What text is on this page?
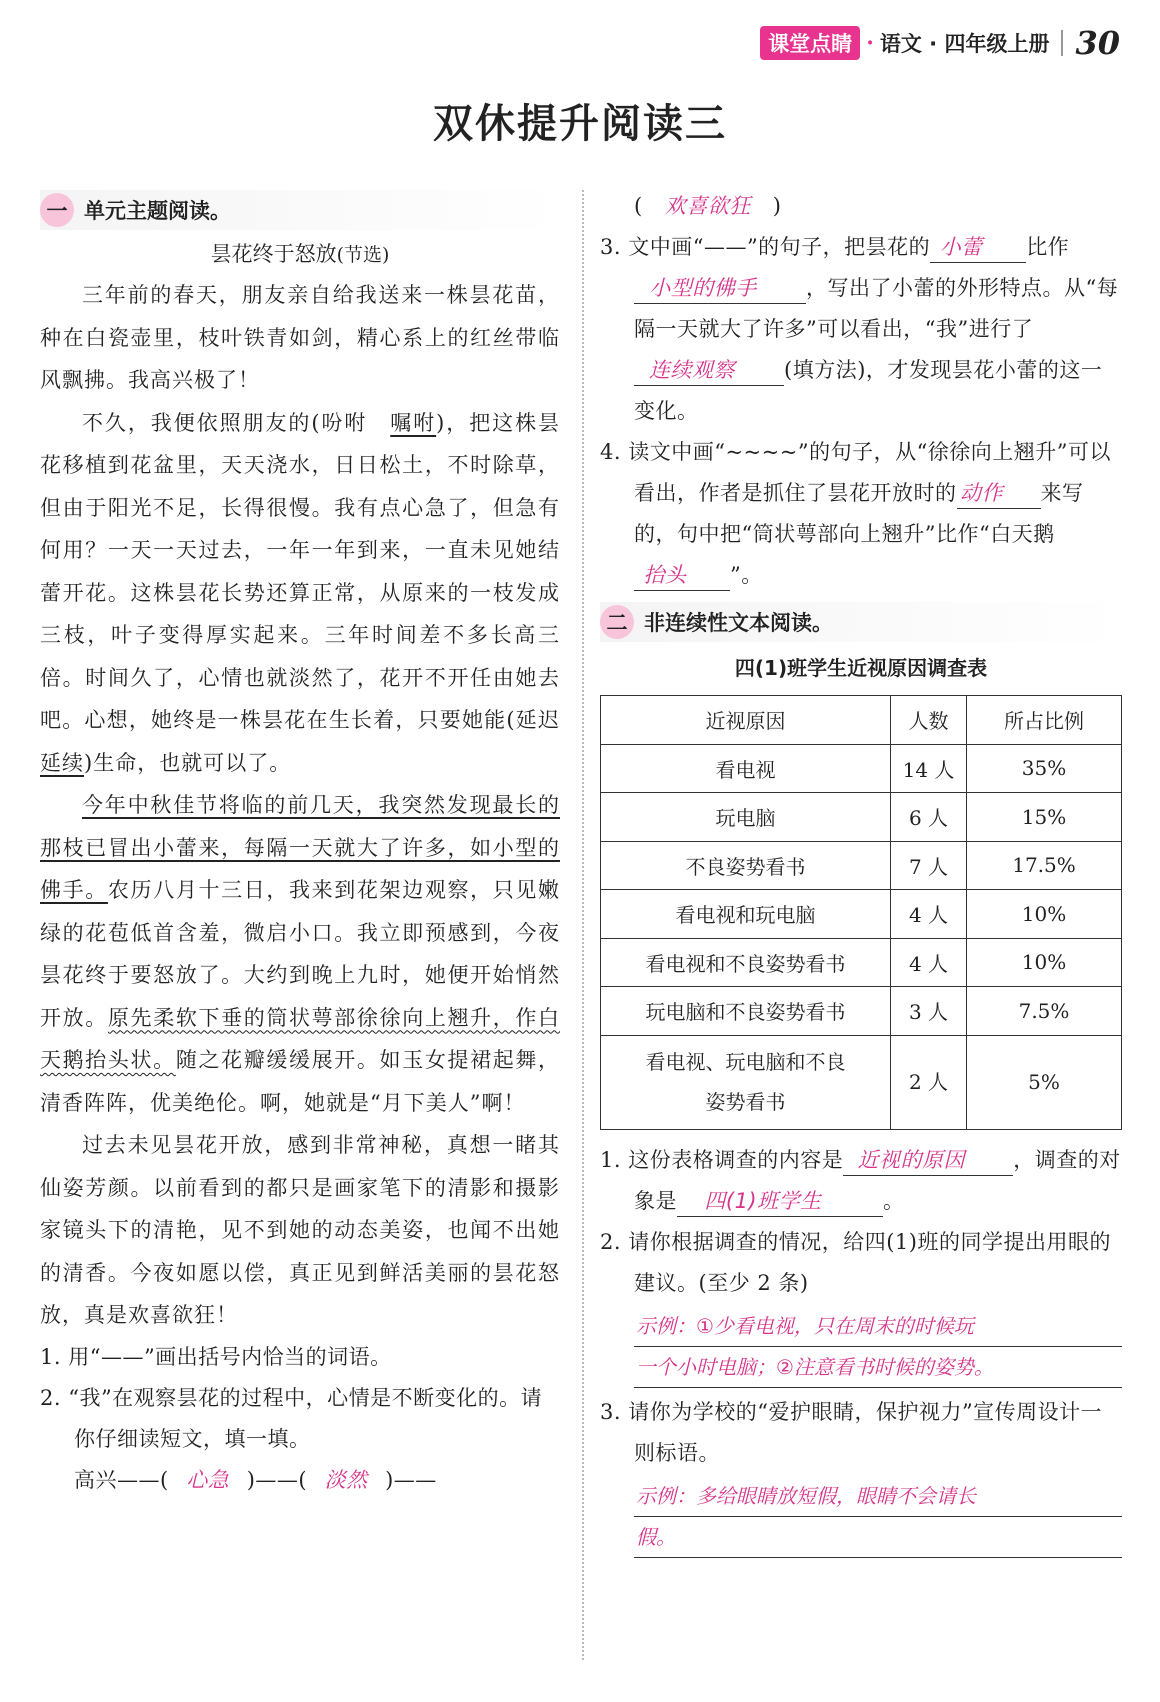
课堂点睛 · 语文 · 四年级上册 30
双休提升阅读三
一 单元主题阅读。
昙花终于怒放(节选)

三年前的春天，朋友亲自给我送来一株昙花苗，种在白瓷壶里，枝叶铁青如剑，精心系上的红丝带临风飘拂。我高兴极了！

不久，我便依照朋友的(吩咐　嘱咐)，把这株昙花移植到花盆里，天天浇水，日日松土，不时除草，但由于阳光不足，长得很慢。我有点心急了，但急有何用？一天一天过去，一年一年到来，一直未见她结蕾开花。这株昙花长势还算正常，从原来的一枝发成三枝，叶子变得厚实起来。三年时间差不多长高三倍。时间久了，心情也就淡然了，花开不开任由她去吧。心想，她终是一株昙花在生长着，只要她能(延迟　延续)生命，也就可以了。

今年中秋佳节将临的前几天，我突然发现最长的那枝已冒出小蕾来，每隔一天就大了许多，如小型的佛手。农历八月十三日，我来到花架边观察，只见嫩绿的花苞低首含羞，微启小口。我立即预感到，今夜昙花终于要怒放了。大约到晚上九时，她便开始悄然开放。原先柔软下垂的筒状萼部徐徐向上翘升，作白天鹅抬头状。随之花瓣缓缓展开。如玉女提裙起舞，清香阵阵，优美绝伦。啊，她就是“月下美人”啊！

过去未见昙花开放，感到非常神秘，真想一睹其仙姿芳颜。以前看到的都只是画家笔下的清影和摄影家镜头下的清艳，见不到她的动态美姿，也闻不出她的清香。今夜如愿以偿，真正见到鲜活美丽的昙花怒放，真是欢喜欲狂！

1. 用“——”画出括号内恰当的词语。

2. “我”在观察昙花的过程中，心情是不断变化的。请你仔细读短文，填一填。

高兴——( 心急 )——( 淡然 )——

( 欢喜欲狂 )

3. 文中画“——”的句子，把昙花的 小蕾 比作小型的佛手 ，写出了小蕾的外形特点。从“每隔一天就大了许多”可以看出，“我”进行了连续观察 (填方法)，才发现昙花小蕾的这一变化。

4. 读文中画“~~~~”的句子，从“徐徐向上翘升”可以看出，作者是抓住了昙花开放时的 动作 来写的，句中把“筒状萼部向上翘升”比作“白天鹅抬头 ”。

二 非连续性文本阅读。
四(1)班学生近视原因调查表
近视原因	人数	所占比例
看电视	14 人	35%
玩电脑	6 人	15%
不良姿势看书	7 人	17.5%
看电视和玩电脑	4 人	10%
看电视和不良姿势看书	4 人	10%
玩电脑和不良姿势看书	3 人	7.5%

看电视、玩电脑和不良
姿势看书	2 人	5%

1. 这份表格调查的内容是 近视的原因 ，调查的对象是 四(1)班学生	。

2. 请你根据调查的情况，给四(1)班的同学提出用眼的建议。(至少 2 条)

示例：①少看电视，只在周末的时候玩
一个小时电脑；②注意看书时候的姿势。

3. 请你为学校的“爱护眼睛，保护视力”宣传周设计一则标语。

示例：多给眼睛放短假，眼睛不会请长
假。
